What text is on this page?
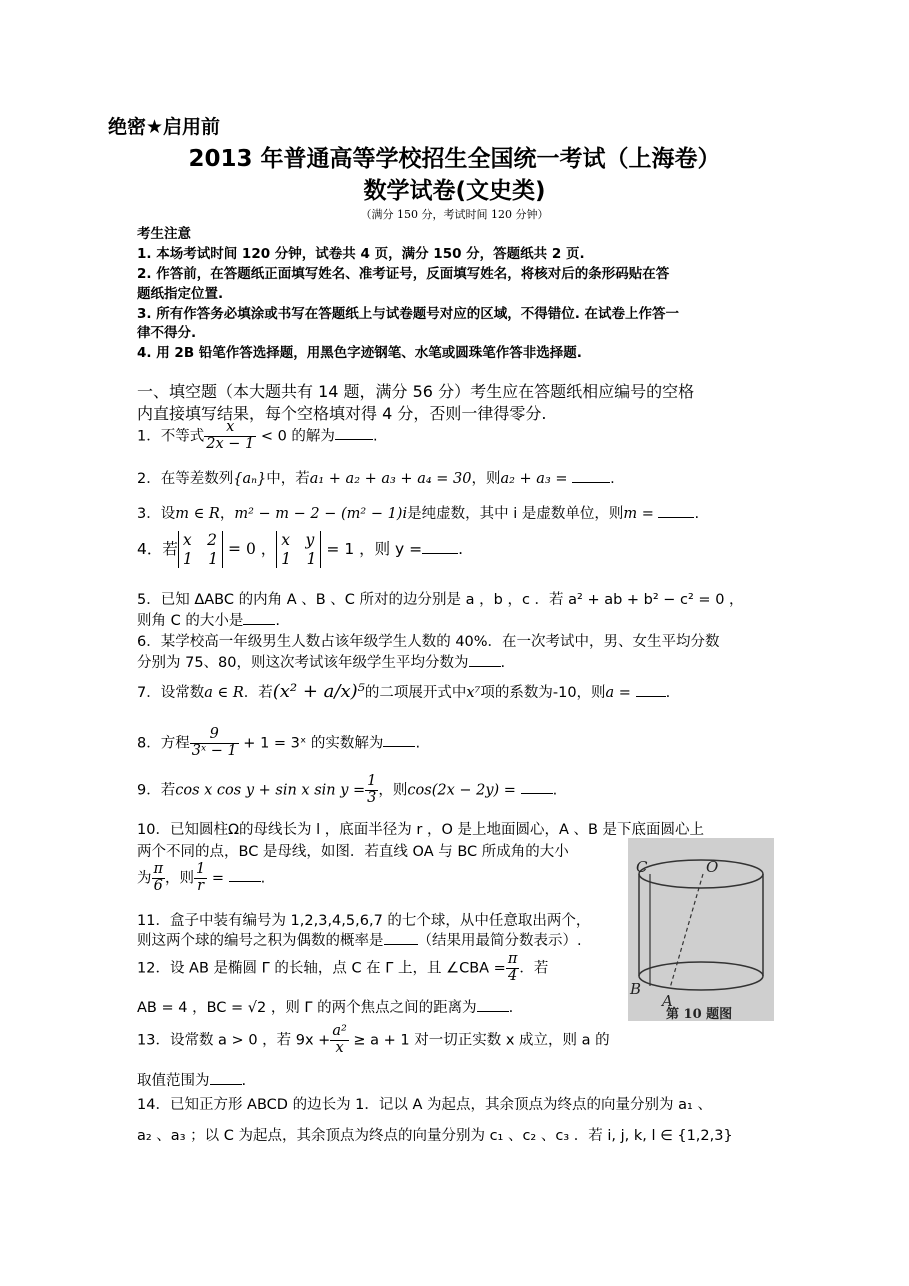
绝密★启用前
2013 年普通高等学校招生全国统一考试（上海卷）
数学试卷(文史类)
（满分 150 分，考试时间 120 分钟）
考生注意
1. 本场考试时间 120 分钟，试卷共 4 页，满分 150 分，答题纸共 2 页.
2. 作答前，在答题纸正面填写姓名、准考证号，反面填写姓名，将核对后的条形码贴在答
题纸指定位置.
3. 所有作答务必填涂或书写在答题纸上与试卷题号对应的区域，不得错位. 在试卷上作答一
律不得分.
4. 用 2B 铅笔作答选择题，用黑色字迹钢笔、水笔或圆珠笔作答非选择题.
一、填空题（本大题共有 14 题，满分 56 分）考生应在答题纸相应编号的空格
内直接填写结果，每个空格填对得 4 分，否则一律得零分.
1．不等式 $\frac{x}{2x - 1} < 0$ 的解为	.
2．在等差数列{aₙ}中，若a₁ + a₂ + a₃ + a₄ = 30，则a₂ + a₃ =	.
3．设m ∈ R，m² − m − 2 − (m² − 1)i是纯虚数，其中 i 是虚数单位，则m =	.
4．若
x　2
1　1
= 0 ，
x　y
1　1
= 1 ，则 y = .
5．已知 ΔABC 的内角 A 、B 、C 所对的边分别是 a ，b ，c ．若 a² + ab + b² − c² = 0 ，
则角 C 的大小是 .
6．某学校高一年级男生人数占该年级学生人数的 40%．在一次考试中，男、女生平均分数
分别为 75、80，则这次考试该年级学生平均分数为 .
7．设常数a ∈ R．若(x² + a/x)⁵的二项展开式中x⁷项的系数为-10，则a = .
8．方程 $\frac{9}{\text{3ˣ − 1}} + 1$ = 3ˣ 的实数解为 .
9．若cos x cos y + sin x $\sin y = \frac{1}{3}$ ，则cos(2x − 2y) =	.
10．已知圆柱Ω的母线长为 l ，底面半径为 r ，O 是上地面圆心，A 、B 是下底面圆心上
两个不同的点，BC 是母线，如图．若直线 OA 与 BC 所成角的大小
为 $\frac{\pi}{6}$ ，则 $\frac{1}{r}$ =	.
C	O
B
A
第 10 题图
11．盒子中装有编号为 1,2,3,4,5,6,7 的七个球，从中任意取出两个，
则这两个球的编号之积为偶数的概率是 （结果用最简分数表示）.
12．设 AB 是椭圆 Γ 的长轴，点 C 在 Γ 上，且 ∠CBA = $\frac{\pi}{4}$ ．若
AB = 4 ，BC = √2 ，则 Γ 的两个焦点之间的距离为 .
13．设常数 a > 0 ，若 $9x + \frac{\text{a²}}{x} \ge a + 1$ 对一切正实数 x 成立，则 a 的
取值范围为 .
14．已知正方形 ABCD 的边长为 1．记以 A 为起点，其余顶点为终点的向量分别为 a₁ 、
a₂ 、a₃ ；以 C 为起点，其余顶点为终点的向量分别为 c₁ 、c₂ 、c₃ ．若 i, j, k, l ∈ {1,2,3}
